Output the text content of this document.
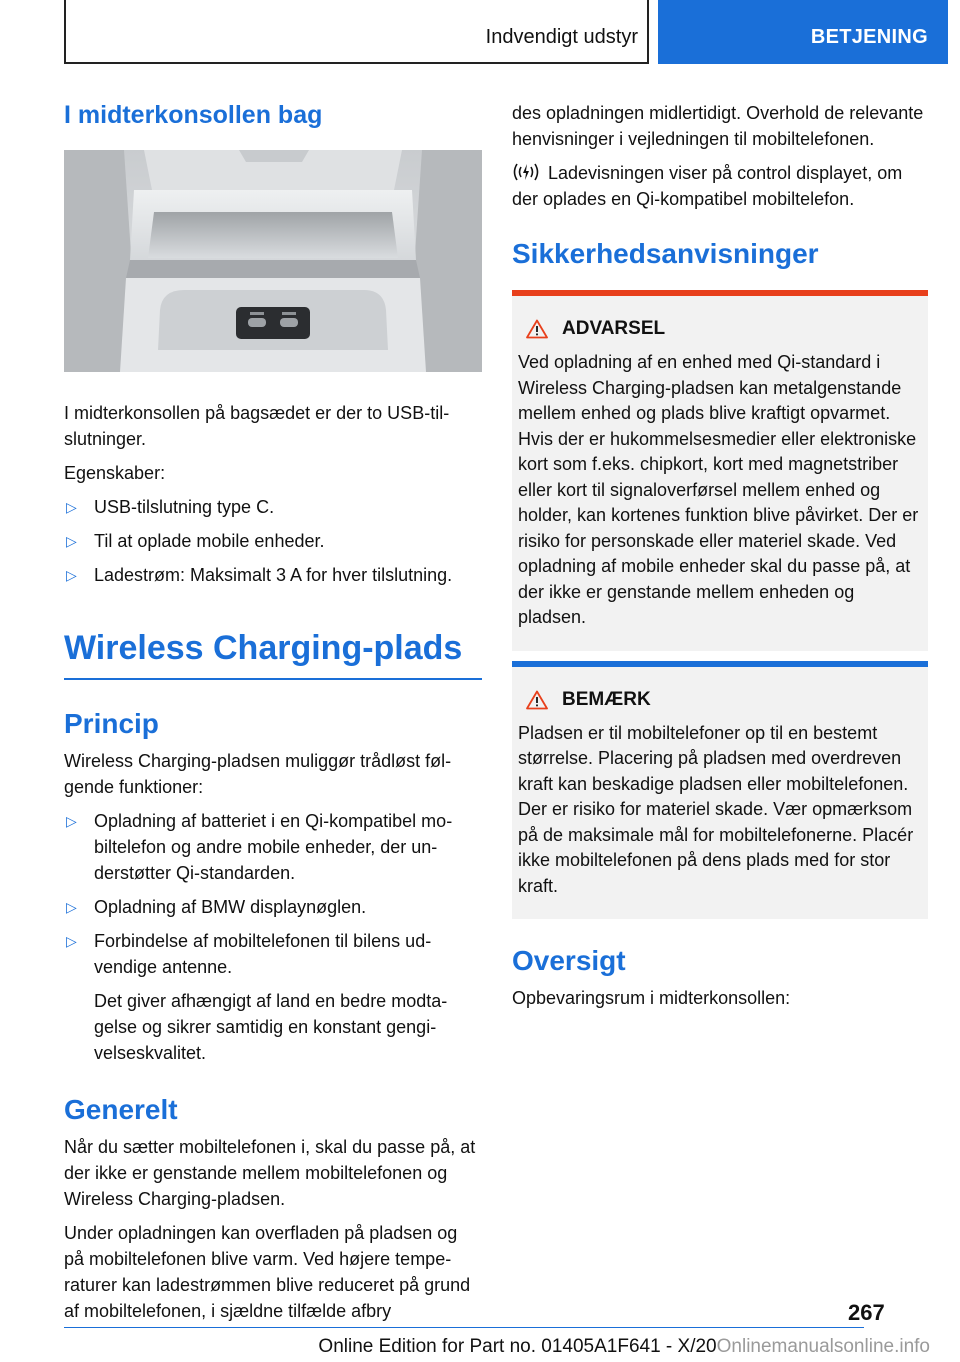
Indvendigt udstyr	BETJENING
I midterkonsollen bag

I midterkonsollen på bagsædet er der to USB-tilslutninger.

Egenskaber:

▷ USB-tilslutning type C.
▷ Til at oplade mobile enheder.
▷ Ladestrøm: Maksimalt 3 A for hver tilslutning.
Wireless Charging-plads
Princip

Wireless Charging-pladsen muliggør trådløst følgende funktioner:

▷ Opladning af batteriet i en Qi-kompatibel mobiltelefon og andre mobile enheder, der understøtter Qi-standarden.
▷ Opladning af BMW displaynøglen.
▷ Forbindelse af mobiltelefonen til bilens udvendige antenne.

Det giver afhængigt af land en bedre modtagelse og sikrer samtidig en konstant gengivelseskvalitet.

Generelt

Når du sætter mobiltelefonen i, skal du passe på, at der ikke er genstande mellem mobiltelefonen og Wireless Charging-pladsen.

Under opladningen kan overfladen på pladsen og på mobiltelefonen blive varm. Ved højere temperaturer kan ladestrømmen blive reduceret på grund af mobiltelefonen, i sjældne tilfælde afbry

des opladningen midlertidigt. Overhold de relevante henvisninger i vejledningen til mobiltelefonen.

Ladevisningen viser på control displayet, om der oplades en Qi-kompatibel mobiltelefon.

Sikkerhedsanvisninger
ADVARSEL
Ved opladning af en enhed med Qi-standard i Wireless Charging-pladsen kan metalgenstande mellem enhed og plads blive kraftigt opvarmet. Hvis der er hukommelsesmedier eller elektroniske kort som f.eks. chipkort, kort med magnetstriber eller kort til signaloverførsel mellem enhed og holder, kan kortenes funktion blive påvirket. Der er risiko for personskade eller materiel skade. Ved opladning af mobile enheder skal du passe på, at der ikke er genstande mellem enheden og pladsen.
BEMÆRK
Pladsen er til mobiltelefoner op til en bestemt størrelse. Placering på pladsen med overdreven kraft kan beskadige pladsen eller mobiltelefonen. Der er risiko for materiel skade. Vær opmærksom på de maksimale mål for mobiltelefonerne. Placér ikke mobiltelefonen på dens plads med for stor kraft.
Oversigt

Opbevaringsrum i midterkonsollen:

267
Online Edition for Part no. 01405A1F641 - X/20Onlinemanualsonline.info
